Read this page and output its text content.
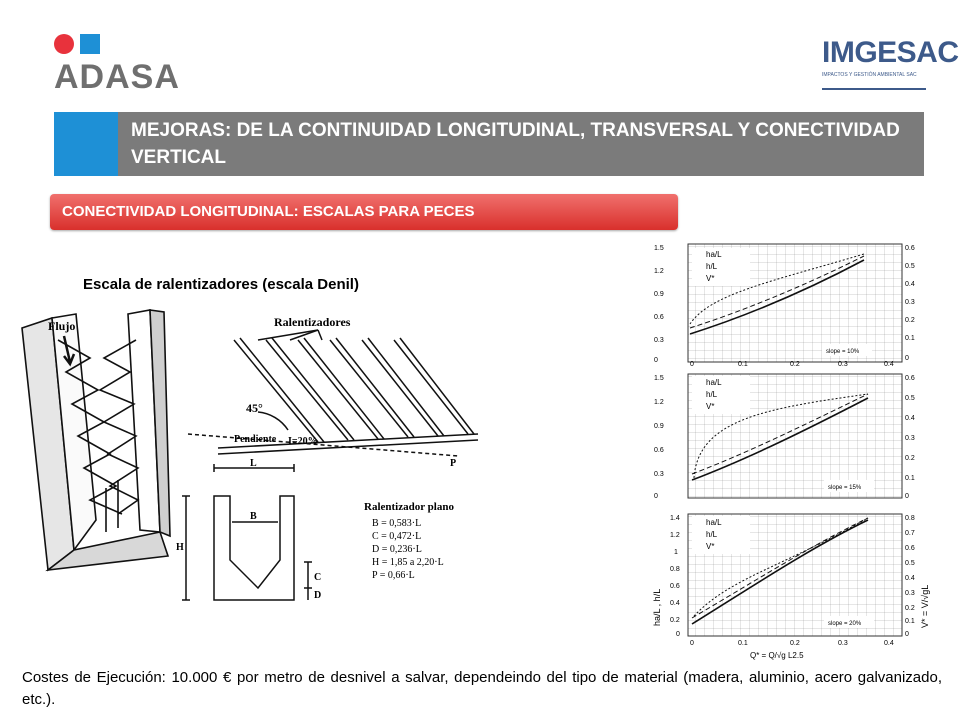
ADASA
IMGESAC
IMPACTOS Y GESTIÓN AMBIENTAL SAC
MEJORAS: DE LA CONTINUIDAD LONGITUDINAL, TRANSVERSAL Y CONECTIVIDAD VERTICAL
CONECTIVIDAD LONGITUDINAL: ESCALAS PARA PECES
Escala de ralentizadores (escala Denil)
Flujo	Ralentizadores
45°
Pendiente I=20%
P
L
B
H
C
D
Ralentizador plano
B = 0,583·L
C = 0,472·L
D = 0,236·L
H = 1,85 a 2,20·L
P = 0,66·L
1.5
1.2
0.9
0.6
0.3
0
0.6
0.5
0.4
0.3
0.2
0.1
0
ha/L
h/L
V*
slope = 10%
0	0.1	0.2	0.3	0.4
1.5
1.2
0.9
0.6
0.3
0
0.6
0.5
0.4
0.3
0.2
0.1
0
ha/L
h/L
V*
slope = 15%
1.4
1.2
1
0.8
0.6
0.4
0.2
0
0.8
0.7
0.6
0.5
0.4
0.3
0.2
0.1
0
ha/L , h/L	V* = V/√gL
ha/L
h/L
V*
slope = 20%
0	0.1	0.2	0.3	0.4
Q* = Q/√g L2.5
Costes de Ejecución: 10.000 € por metro de desnivel a salvar, dependeindo del tipo de material (madera, aluminio, acero galvanizado, etc.).
